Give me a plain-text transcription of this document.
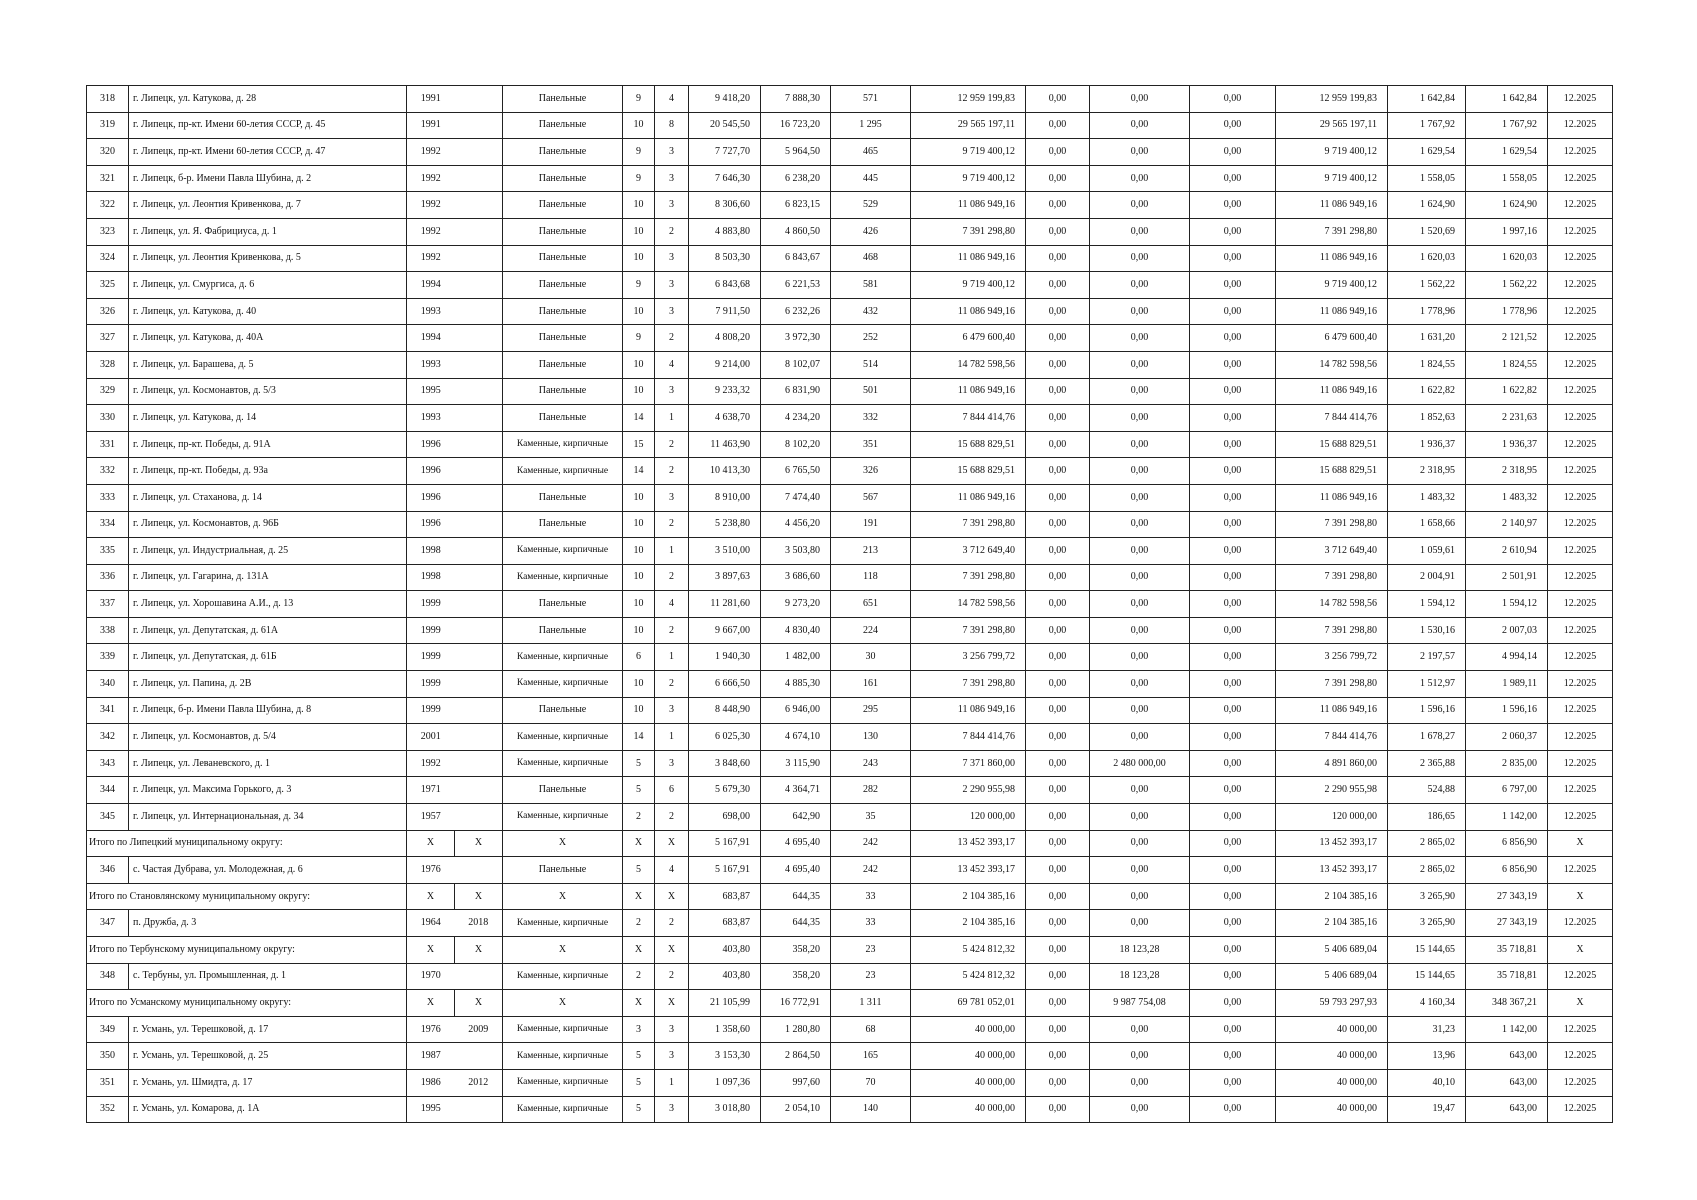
318	г. Липецк, ул. Катукова, д. 28	1991		Панельные	9	4	9 418,20	7 888,30	571	12 959 199,83	0,00	0,00	0,00	12 959 199,83	1 642,84	1 642,84	12.2025
319	г. Липецк, пр-кт. Имени 60-летия СССР, д. 45	1991		Панельные	10	8	20 545,50	16 723,20	1 295	29 565 197,11	0,00	0,00	0,00	29 565 197,11	1 767,92	1 767,92	12.2025
320	г. Липецк, пр-кт. Имени 60-летия СССР, д. 47	1992		Панельные	9	3	7 727,70	5 964,50	465	9 719 400,12	0,00	0,00	0,00	9 719 400,12	1 629,54	1 629,54	12.2025
321	г. Липецк, б-р. Имени Павла Шубина, д. 2	1992		Панельные	9	3	7 646,30	6 238,20	445	9 719 400,12	0,00	0,00	0,00	9 719 400,12	1 558,05	1 558,05	12.2025
322	г. Липецк, ул. Леонтия Кривенкова, д. 7	1992		Панельные	10	3	8 306,60	6 823,15	529	11 086 949,16	0,00	0,00	0,00	11 086 949,16	1 624,90	1 624,90	12.2025
323	г. Липецк, ул. Я. Фабрициуса, д. 1	1992		Панельные	10	2	4 883,80	4 860,50	426	7 391 298,80	0,00	0,00	0,00	7 391 298,80	1 520,69	1 997,16	12.2025
324	г. Липецк, ул. Леонтия Кривенкова, д. 5	1992		Панельные	10	3	8 503,30	6 843,67	468	11 086 949,16	0,00	0,00	0,00	11 086 949,16	1 620,03	1 620,03	12.2025
325	г. Липецк, ул. Смургиса, д. 6	1994		Панельные	9	3	6 843,68	6 221,53	581	9 719 400,12	0,00	0,00	0,00	9 719 400,12	1 562,22	1 562,22	12.2025
326	г. Липецк, ул. Катукова, д. 40	1993		Панельные	10	3	7 911,50	6 232,26	432	11 086 949,16	0,00	0,00	0,00	11 086 949,16	1 778,96	1 778,96	12.2025
327	г. Липецк, ул. Катукова, д. 40А	1994		Панельные	9	2	4 808,20	3 972,30	252	6 479 600,40	0,00	0,00	0,00	6 479 600,40	1 631,20	2 121,52	12.2025
328	г. Липецк, ул. Барашева, д. 5	1993		Панельные	10	4	9 214,00	8 102,07	514	14 782 598,56	0,00	0,00	0,00	14 782 598,56	1 824,55	1 824,55	12.2025
329	г. Липецк, ул. Космонавтов, д. 5/3	1995		Панельные	10	3	9 233,32	6 831,90	501	11 086 949,16	0,00	0,00	0,00	11 086 949,16	1 622,82	1 622,82	12.2025
330	г. Липецк, ул. Катукова, д. 14	1993		Панельные	14	1	4 638,70	4 234,20	332	7 844 414,76	0,00	0,00	0,00	7 844 414,76	1 852,63	2 231,63	12.2025
331	г. Липецк, пр-кт. Победы, д. 91А	1996		Каменные, кирпичные	15	2	11 463,90	8 102,20	351	15 688 829,51	0,00	0,00	0,00	15 688 829,51	1 936,37	1 936,37	12.2025
332	г. Липецк, пр-кт. Победы, д. 93а	1996		Каменные, кирпичные	14	2	10 413,30	6 765,50	326	15 688 829,51	0,00	0,00	0,00	15 688 829,51	2 318,95	2 318,95	12.2025
333	г. Липецк, ул. Стаханова, д. 14	1996		Панельные	10	3	8 910,00	7 474,40	567	11 086 949,16	0,00	0,00	0,00	11 086 949,16	1 483,32	1 483,32	12.2025
334	г. Липецк, ул. Космонавтов, д. 96Б	1996		Панельные	10	2	5 238,80	4 456,20	191	7 391 298,80	0,00	0,00	0,00	7 391 298,80	1 658,66	2 140,97	12.2025
335	г. Липецк, ул. Индустриальная, д. 25	1998		Каменные, кирпичные	10	1	3 510,00	3 503,80	213	3 712 649,40	0,00	0,00	0,00	3 712 649,40	1 059,61	2 610,94	12.2025
336	г. Липецк, ул. Гагарина, д. 131А	1998		Каменные, кирпичные	10	2	3 897,63	3 686,60	118	7 391 298,80	0,00	0,00	0,00	7 391 298,80	2 004,91	2 501,91	12.2025
337	г. Липецк, ул. Хорошавина А.И., д. 13	1999		Панельные	10	4	11 281,60	9 273,20	651	14 782 598,56	0,00	0,00	0,00	14 782 598,56	1 594,12	1 594,12	12.2025
338	г. Липецк, ул. Депутатская, д. 61А	1999		Панельные	10	2	9 667,00	4 830,40	224	7 391 298,80	0,00	0,00	0,00	7 391 298,80	1 530,16	2 007,03	12.2025
339	г. Липецк, ул. Депутатская, д. 61Б	1999		Каменные, кирпичные	6	1	1 940,30	1 482,00	30	3 256 799,72	0,00	0,00	0,00	3 256 799,72	2 197,57	4 994,14	12.2025
340	г. Липецк, ул. Папина, д. 2В	1999		Каменные, кирпичные	10	2	6 666,50	4 885,30	161	7 391 298,80	0,00	0,00	0,00	7 391 298,80	1 512,97	1 989,11	12.2025
341	г. Липецк, б-р. Имени Павла Шубина, д. 8	1999		Панельные	10	3	8 448,90	6 946,00	295	11 086 949,16	0,00	0,00	0,00	11 086 949,16	1 596,16	1 596,16	12.2025
342	г. Липецк, ул. Космонавтов, д. 5/4	2001		Каменные, кирпичные	14	1	6 025,30	4 674,10	130	7 844 414,76	0,00	0,00	0,00	7 844 414,76	1 678,27	2 060,37	12.2025
343	г. Липецк, ул. Леваневского, д. 1	1992		Каменные, кирпичные	5	3	3 848,60	3 115,90	243	7 371 860,00	0,00	2 480 000,00	0,00	4 891 860,00	2 365,88	2 835,00	12.2025
344	г. Липецк, ул. Максима Горького, д. 3	1971		Панельные	5	6	5 679,30	4 364,71	282	2 290 955,98	0,00	0,00	0,00	2 290 955,98	524,88	6 797,00	12.2025
345	г. Липецк, ул. Интернациональная, д. 34	1957		Каменные, кирпичные	2	2	698,00	642,90	35	120 000,00	0,00	0,00	0,00	120 000,00	186,65	1 142,00	12.2025
Итого по Липецкий муниципальному округу:		X	X	X	X	X	5 167,91	4 695,40	242	13 452 393,17	0,00	0,00	0,00	13 452 393,17	2 865,02	6 856,90	X
346	с. Частая Дубрава, ул. Молодежная, д. 6	1976		Панельные	5	4	5 167,91	4 695,40	242	13 452 393,17	0,00	0,00	0,00	13 452 393,17	2 865,02	6 856,90	12.2025
Итого по Становлянскому муниципальному округу:		X	X	X	X	X	683,87	644,35	33	2 104 385,16	0,00	0,00	0,00	2 104 385,16	3 265,90	27 343,19	X
347	п. Дружба, д. 3	1964	2018	Каменные, кирпичные	2	2	683,87	644,35	33	2 104 385,16	0,00	0,00	0,00	2 104 385,16	3 265,90	27 343,19	12.2025
Итого по Тербунскому муниципальному округу:		X	X	X	X	X	403,80	358,20	23	5 424 812,32	0,00	18 123,28	0,00	5 406 689,04	15 144,65	35 718,81	X
348	с. Тербуны, ул. Промышленная, д. 1	1970		Каменные, кирпичные	2	2	403,80	358,20	23	5 424 812,32	0,00	18 123,28	0,00	5 406 689,04	15 144,65	35 718,81	12.2025
Итого по Усманскому муниципальному округу:		X	X	X	X	X	21 105,99	16 772,91	1 311	69 781 052,01	0,00	9 987 754,08	0,00	59 793 297,93	4 160,34	348 367,21	X
349	г. Усмань, ул. Терешковой, д. 17	1976	2009	Каменные, кирпичные	3	3	1 358,60	1 280,80	68	40 000,00	0,00	0,00	0,00	40 000,00	31,23	1 142,00	12.2025
350	г. Усмань, ул. Терешковой, д. 25	1987		Каменные, кирпичные	5	3	3 153,30	2 864,50	165	40 000,00	0,00	0,00	0,00	40 000,00	13,96	643,00	12.2025
351	г. Усмань, ул. Шмидта, д. 17	1986	2012	Каменные, кирпичные	5	1	1 097,36	997,60	70	40 000,00	0,00	0,00	0,00	40 000,00	40,10	643,00	12.2025
352	г. Усмань, ул. Комарова, д. 1А	1995		Каменные, кирпичные	5	3	3 018,80	2 054,10	140	40 000,00	0,00	0,00	0,00	40 000,00	19,47	643,00	12.2025
